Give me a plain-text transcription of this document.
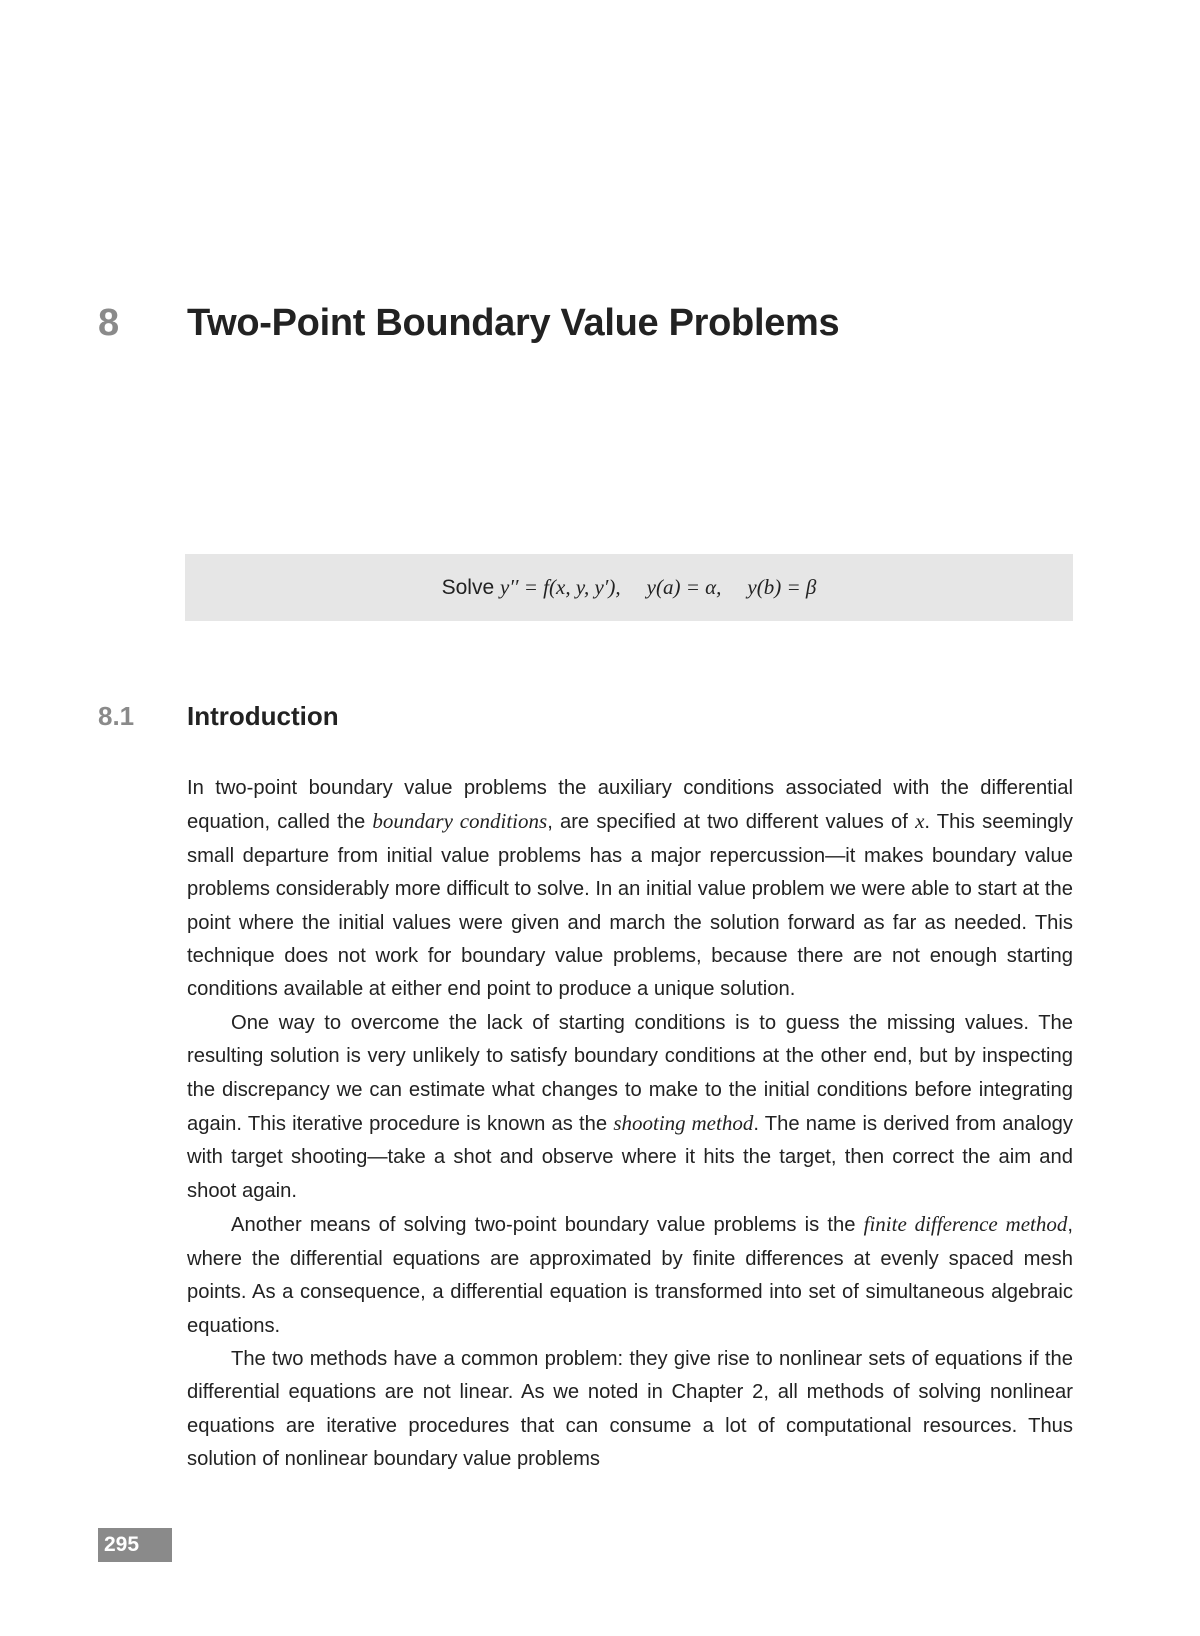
8 Two-Point Boundary Value Problems
Solve
y′′ = f(x, y, y′), y(a) = α, y(b) = β
8.1 Introduction

In two-point boundary value problems the auxiliary conditions associated with the differential equation, called the boundary conditions, are specified at two different values of x. This seemingly small departure from initial value problems has a major repercussion—it makes boundary value problems considerably more difficult to solve. In an initial value problem we were able to start at the point where the initial values were given and march the solution forward as far as needed. This technique does not work for boundary value problems, because there are not enough starting conditions available at either end point to produce a unique solution.

One way to overcome the lack of starting conditions is to guess the missing values. The resulting solution is very unlikely to satisfy boundary conditions at the other end, but by inspecting the discrepancy we can estimate what changes to make to the initial conditions before integrating again. This iterative procedure is known as the shooting method. The name is derived from analogy with target shooting—take a shot and observe where it hits the target, then correct the aim and shoot again.

Another means of solving two-point boundary value problems is the finite difference method, where the differential equations are approximated by finite differences at evenly spaced mesh points. As a consequence, a differential equation is transformed into set of simultaneous algebraic equations.

The two methods have a common problem: they give rise to nonlinear sets of equations if the differential equations are not linear. As we noted in Chapter 2, all methods of solving nonlinear equations are iterative procedures that can consume a lot of computational resources. Thus solution of nonlinear boundary value problems

295
